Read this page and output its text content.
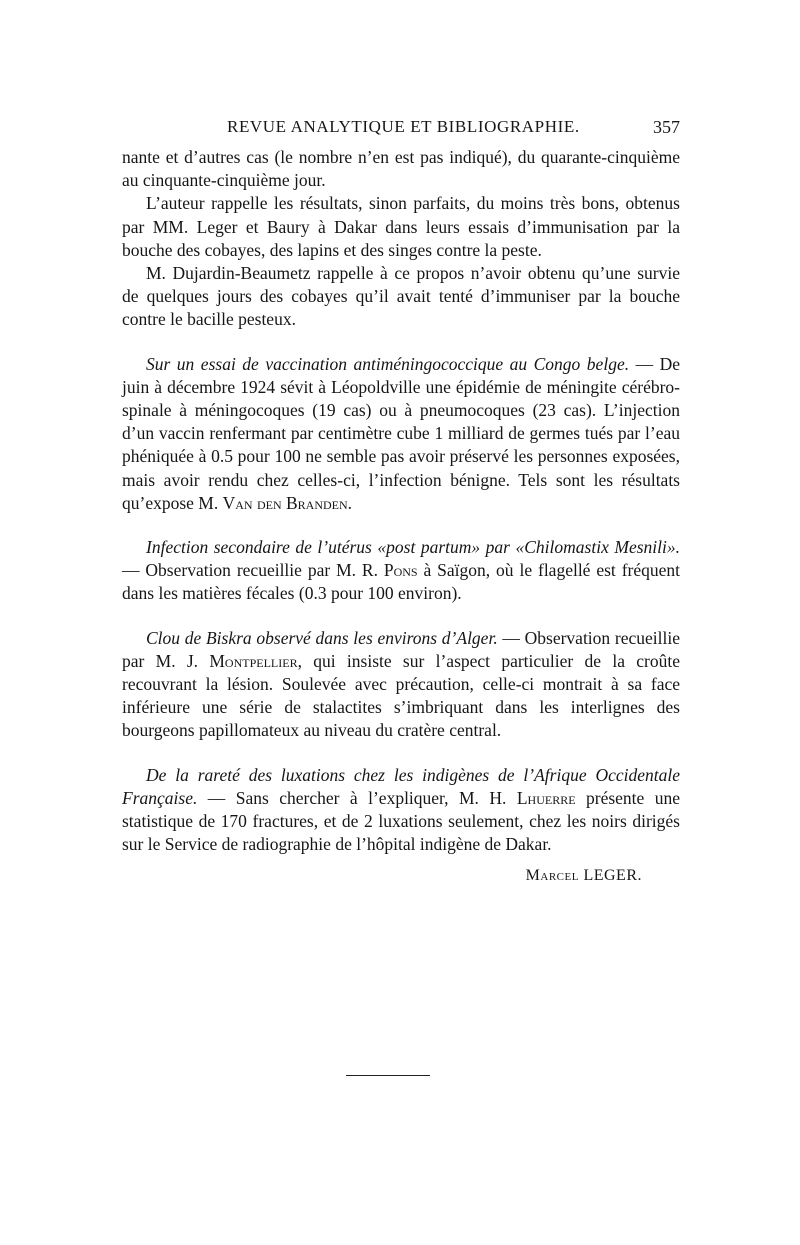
REVUE ANALYTIQUE ET BIBLIOGRAPHIE.	357

nante et d’autres cas (le nombre n’en est pas indiqué), du quarante-cinquième au cinquante-cinquième jour.

L’auteur rappelle les résultats, sinon parfaits, du moins très bons, obtenus par MM. Leger et Baury à Dakar dans leurs essais d’immunisation par la bouche des cobayes, des lapins et des singes contre la peste.

M. Dujardin-Beaumetz rappelle à ce propos n’avoir obtenu qu’une survie de quelques jours des cobayes qu’il avait tenté d’immuniser par la bouche contre le bacille pesteux.

Sur un essai de vaccination antiméningococcique au Congo belge. — De juin à décembre 1924 sévit à Léopoldville une épidémie de méningite cérébro-spinale à méningocoques (19 cas) ou à pneumocoques (23 cas). L’injection d’un vaccin renfermant par centimètre cube 1 milliard de germes tués par l’eau phéniquée à 0.5 pour 100 ne semble pas avoir préservé les personnes exposées, mais avoir rendu chez celles-ci, l’infection bénigne. Tels sont les résultats qu’expose M. Van den Branden.

Infection secondaire de l’utérus «post partum» par «Chilomastix Mesnili». — Observation recueillie par M. R. Pons à Saïgon, où le flagellé est fréquent dans les matières fécales (0.3 pour 100 environ).

Clou de Biskra observé dans les environs d’Alger. — Observation recueillie par M. J. Montpellier, qui insiste sur l’aspect particulier de la croûte recouvrant la lésion. Soulevée avec précaution, celle-ci montrait à sa face inférieure une série de stalactites s’imbriquant dans les interlignes des bourgeons papillomateux au niveau du cratère central.

De la rareté des luxations chez les indigènes de l’Afrique Occidentale Française. — Sans chercher à l’expliquer, M. H. Lhuerre présente une statistique de 170 fractures, et de 2 luxations seulement, chez les noirs dirigés sur le Service de radiographie de l’hôpital indigène de Dakar.

Marcel LEGER.
